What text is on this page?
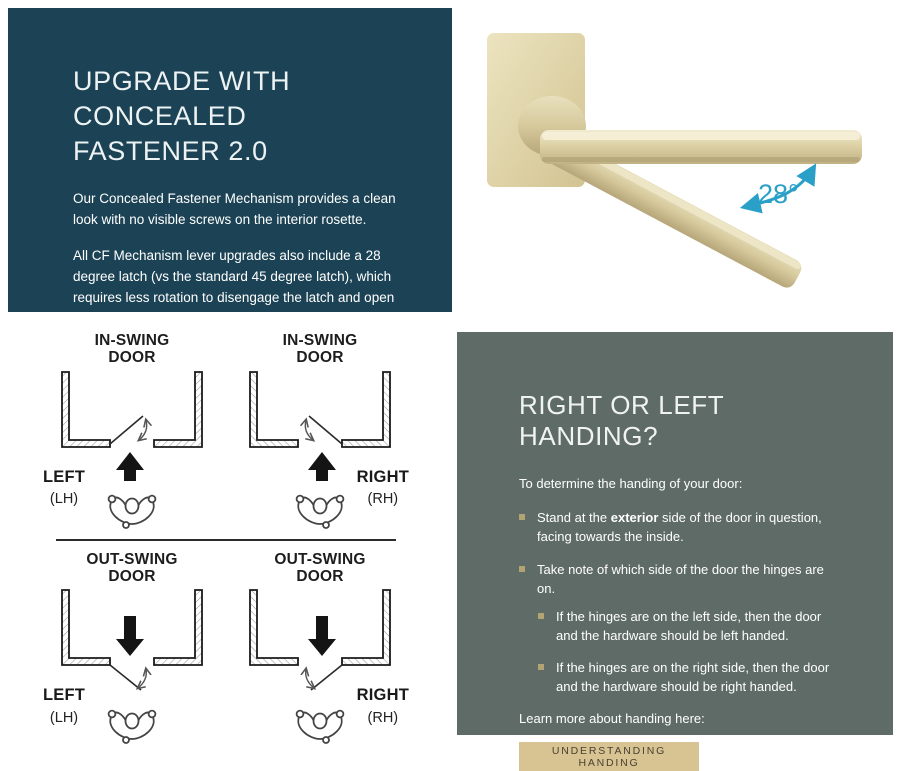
UPGRADE WITH CONCEALED FASTENER 2.0

Our Concealed Fastener Mechanism provides a clean look with no visible screws on the interior rosette.

All CF Mechanism lever upgrades also include a 28 degree latch (vs the standard 45 degree latch), which requires less rotation to disengage the latch and open a door when compared to standard latches.

28°
IN-SWING
DOOR
LEFT
(LH)
IN-SWING
DOOR
RIGHT
(RH)
OUT-SWING
DOOR
LEFT
(LH)
OUT-SWING
DOOR
RIGHT
(RH)
RIGHT OR LEFT HANDING?

To determine the handing of your door:

Stand at the exterior side of the door in question, facing towards the inside.
Take note of which side of the door the hinges are on.
If the hinges are on the left side, then the door and the hardware should be left handed.
If the hinges are on the right side, then the door and the hardware should be right handed.

Learn more about handing here:

UNDERSTANDING HANDING
